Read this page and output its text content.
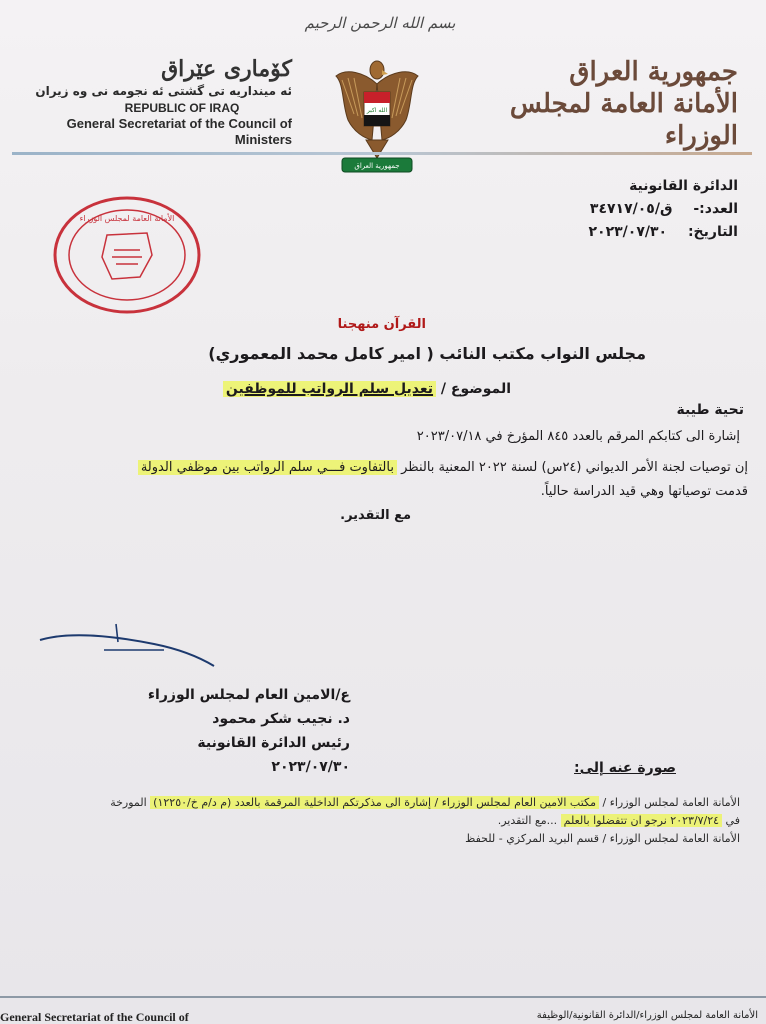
بسم الله الرحمن الرحيم
كۆماری عێراق
ئه مینداریه تی گشتی ئه نجومه نی وه زیران
REPUBLIC OF IRAQ
General Secretariat of the Council of Ministers
الله اكبر
جمهورية العراق
جمهورية العراق
الأمانة العامة لمجلس الوزراء
الدائرة القانونية
العدد:- ق/٣٤٧١٧/٠٥
التاريخ: ٢٠٢٣/٠٧/٣٠
الأمانة العامة لمجلس الوزراء
القرآن منهجنا
مجلس النواب مكتب النائب ( امير كامل محمد المعموري)
الموضوع / تعديل سلم الرواتب للموظفين
تحية طيبة
إشارة الى كتابكم المرقم بالعدد ٨٤٥ المؤرخ في ٢٠٢٣/٠٧/١٨
إن توصيات لجنة الأمر الديواني (٢٤س) لسنة ٢٠٢٢ المعنية بالنظر بالتفاوت فـــي سلم الرواتب بين موظفي الدولة
قدمت توصياتها وهي قيد الدراسة حالياً.
مع التقدير.
ع/الامين العام لمجلس الوزراء
د. نجيب شكر محمود
رئيس الدائرة القانونية
٢٠٢٣/٠٧/٣٠	صورة عنه إلى:
الأمانة العامة لمجلس الوزراء / مكتب الامين العام لمجلس الوزراء / إشارة الى مذكرتكم الداخلية المرقمة بالعدد (م د/م خ/١٢٢٥٠) المورخة
في ٢٠٢٣/٧/٢٤ نرجو ان تتفضلوا بالعلم ...مع التقدير.
الأمانة العامة لمجلس الوزراء / قسم البريد المركزي - للحفظ
General Secretariat of the Council of	الأمانة العامة لمجلس الوزراء/الدائرة القانونية/الوظيفة
